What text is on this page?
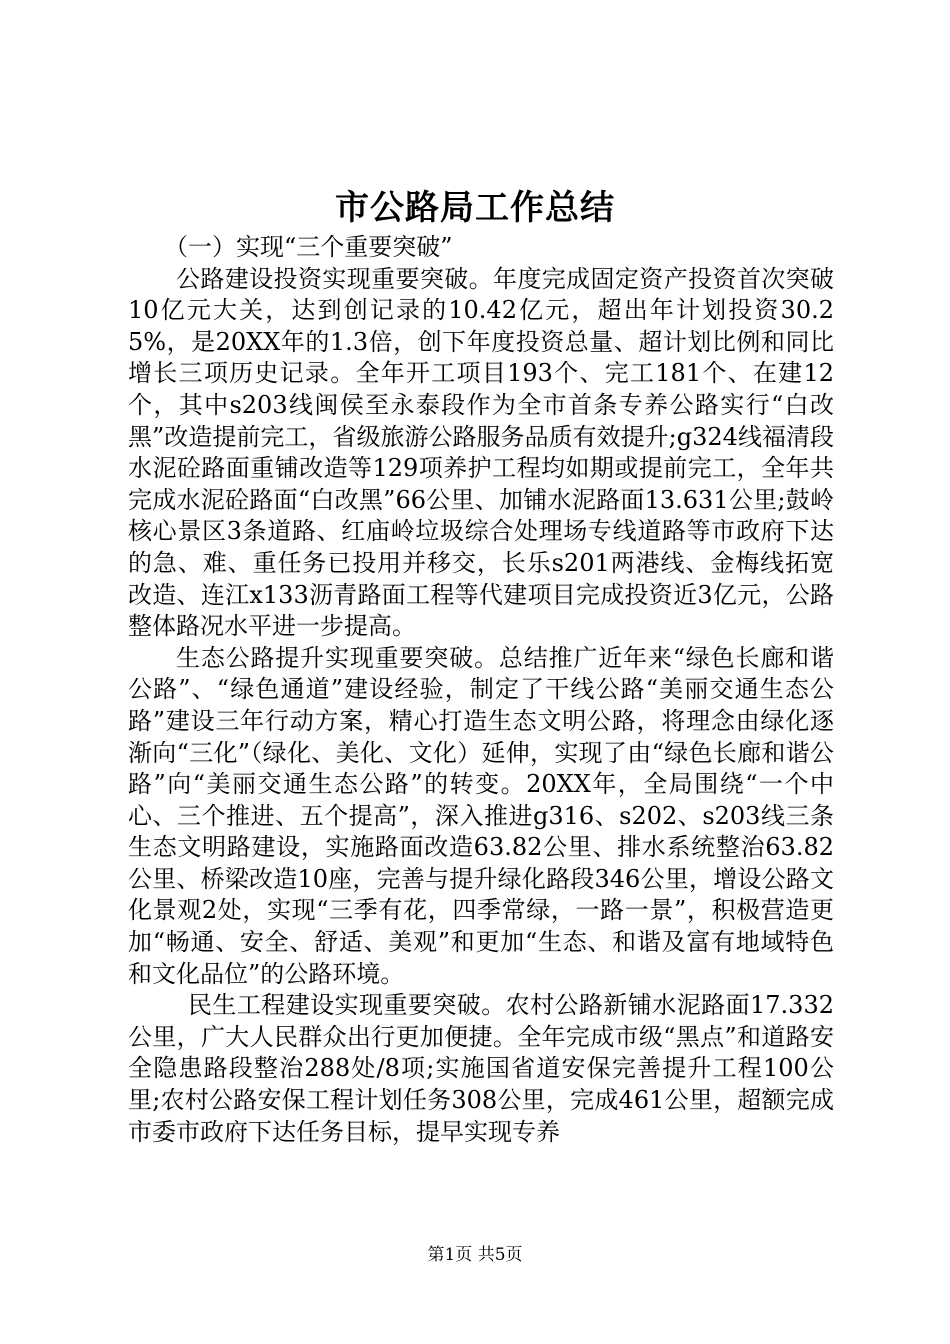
市公路局工作总结

（一）实现“三个重要突破”

公路建设投资实现重要突破。年度完成固定资产投资首次突破10亿元大关，达到创记录的10.42亿元，超出年计划投资30.25%，是20XX年的1.3倍，创下年度投资总量、超计划比例和同比增长三项历史记录。全年开工项目193个、完工181个、在建12个，其中s203线闽侯至永泰段作为全市首条专养公路实行“白改黑”改造提前完工，省级旅游公路服务品质有效提升;g324线福清段水泥砼路面重铺改造等129项养护工程均如期或提前完工，全年共完成水泥砼路面“白改黑”66公里、加铺水泥路面13.631公里;鼓岭核心景区3条道路、红庙岭垃圾综合处理场专线道路等市政府下达的急、难、重任务已投用并移交，长乐s201两港线、金梅线拓宽改造、连江x133沥青路面工程等代建项目完成投资近3亿元，公路整体路况水平进一步提高。

生态公路提升实现重要突破。总结推广近年来“绿色长廊和谐公路”、“绿色通道”建设经验，制定了干线公路“美丽交通生态公路”建设三年行动方案，精心打造生态文明公路，将理念由绿化逐渐向“三化”（绿化、美化、文化）延伸，实现了由“绿色长廊和谐公路”向“美丽交通生态公路”的转变。20XX年，全局围绕“一个中心、三个推进、五个提高”，深入推进g316、s202、s203线三条生态文明路建设，实施路面改造63.82公里、排水系统整治63.82公里、桥梁改造10座，完善与提升绿化路段346公里，增设公路文化景观2处，实现“三季有花，四季常绿，一路一景”，积极营造更加“畅通、安全、舒适、美观”和更加“生态、和谐及富有地域特色和文化品位”的公路环境。

民生工程建设实现重要突破。农村公路新铺水泥路面17.332公里，广大人民群众出行更加便捷。全年完成市级“黑点”和道路安全隐患路段整治288处/8项;实施国省道安保完善提升工程100公里;农村公路安保工程计划任务308公里，完成461公里，超额完成市委市政府下达任务目标，提早实现专养

第1页 共5页
